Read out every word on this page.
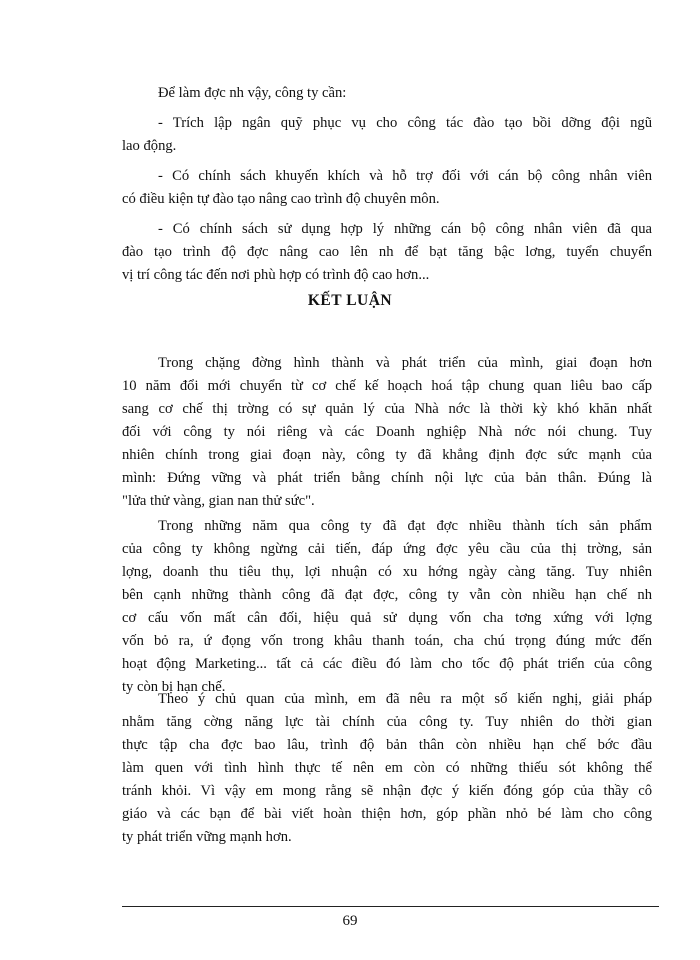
Để làm đợc nh vậy, công ty cần:
- Trích lập ngân quỹ phục vụ cho công tác đào tạo bồi dỡng đội ngũ
lao động.
- Có chính sách khuyến khích và hỗ trợ đối với cán bộ công nhân viên
có điều kiện tự đào tạo nâng cao trình độ chuyên môn.
- Có chính sách sử dụng hợp lý những cán bộ công nhân viên đã qua
đào tạo trình độ đợc nâng cao lên nh để bạt tăng bậc lơng, tuyển chuyển
vị trí công tác đến nơi phù hợp có trình độ cao hơn...
KẾT LUẬN
Trong chặng đờng hình thành và phát triển của mình, giai đoạn hơn
10 năm đổi mới chuyển từ cơ chế kế hoạch hoá tập chung quan liêu bao cấp
sang cơ chế thị trờng có sự quản lý của Nhà nớc là thời kỳ khó khăn nhất
đối với công ty nói riêng và các Doanh nghiệp Nhà nớc nói chung. Tuy
nhiên chính trong giai đoạn này, công ty đã khẳng định đợc sức mạnh của
mình: Đứng vững và phát triển bằng chính nội lực của bản thân. Đúng là
"lửa thử vàng, gian nan thử sức".
Trong những năm qua công ty đã đạt đợc nhiều thành tích sản phẩm
của công ty không ngừng cải tiến, đáp ứng đợc yêu cầu của thị trờng, sản
lợng, doanh thu tiêu thụ, lợi nhuận có xu hớng ngày càng tăng. Tuy nhiên
bên cạnh những thành công đã đạt đợc, công ty vẫn còn nhiều hạn chế nh
cơ cấu vốn mất cân đối, hiệu quả sử dụng vốn cha tơng xứng với lợng
vốn bỏ ra, ứ đọng vốn trong khâu thanh toán, cha chú trọng đúng mức đến
hoạt động Marketing... tất cả các điều đó làm cho tốc độ phát triển của công
ty còn bị hạn chế.
Theo ý chủ quan của mình, em đã nêu ra một số kiến nghị, giải pháp
nhằm tăng cờng năng lực tài chính của công ty. Tuy nhiên do thời gian
thực tập cha đợc bao lâu, trình độ bản thân còn nhiều hạn chế bớc đầu
làm quen với tình hình thực tế nên em còn có những thiếu sót không thể
tránh khỏi. Vì vậy em mong rằng sẽ nhận đợc ý kiến đóng góp của thầy cô
giáo và các bạn để bài viết hoàn thiện hơn, góp phần nhỏ bé làm cho công
ty phát triển vững mạnh hơn.
69
